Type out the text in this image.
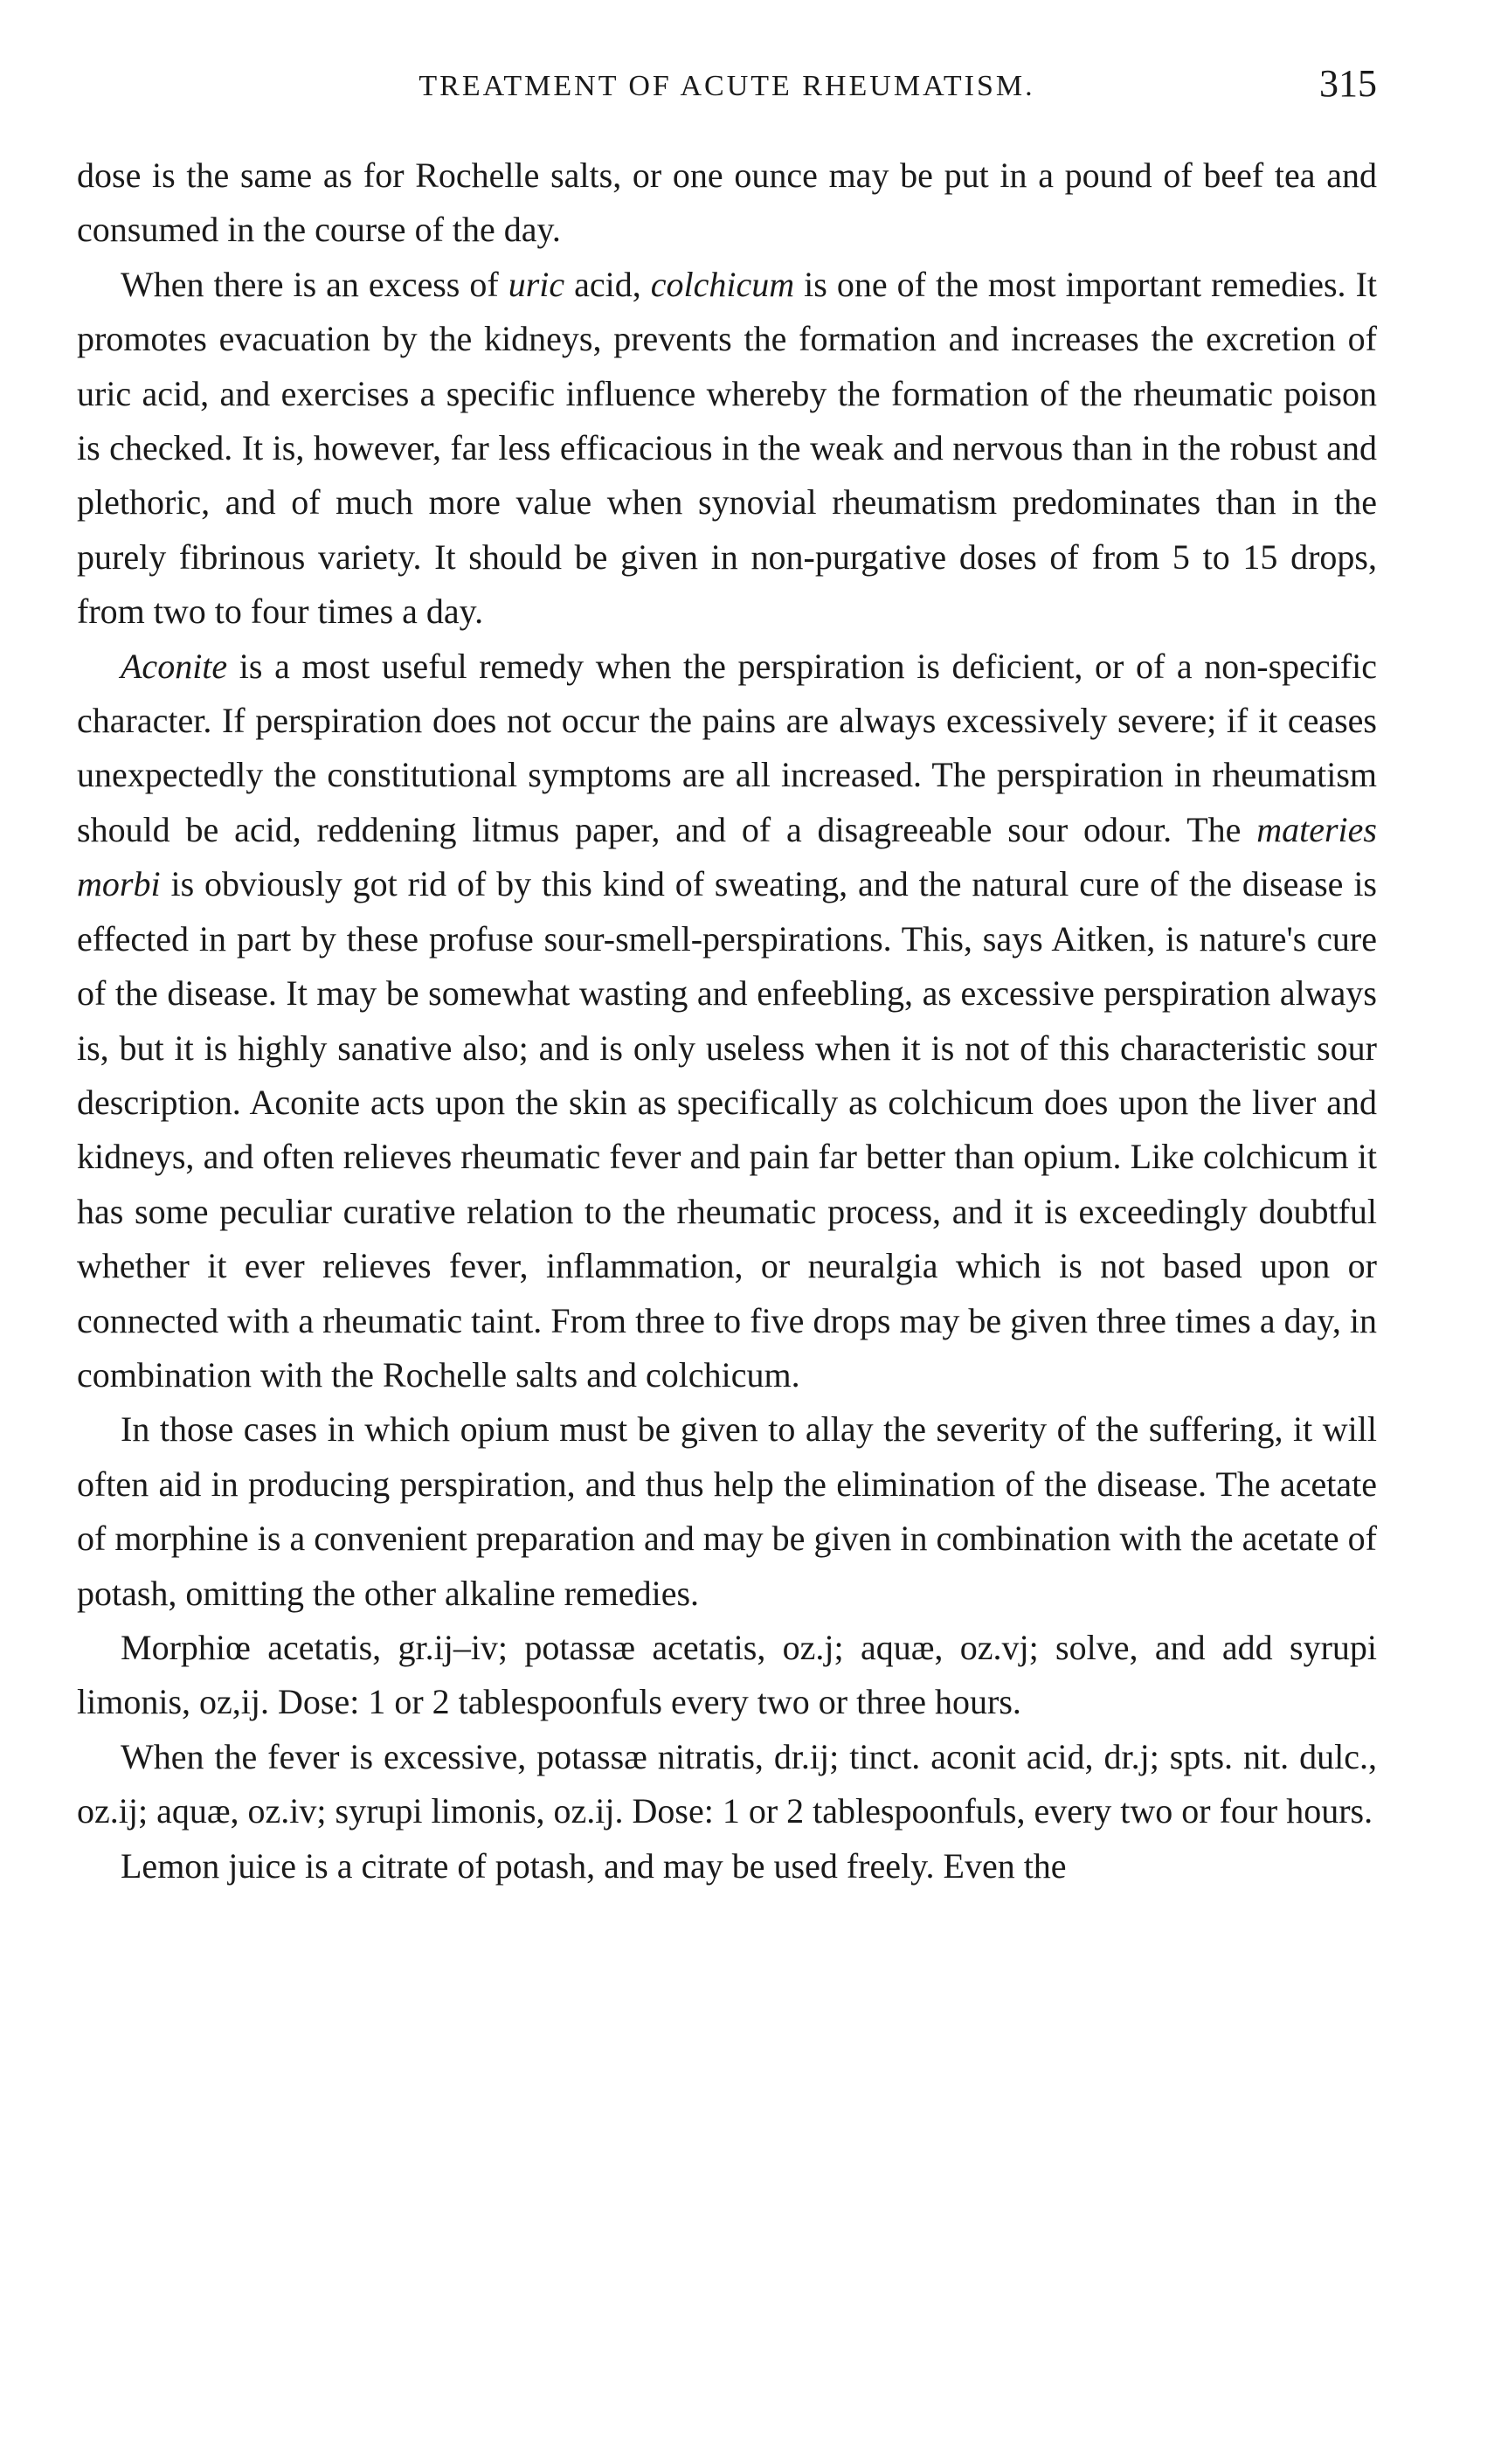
TREATMENT OF ACUTE RHEUMATISM.	315

dose is the same as for Rochelle salts, or one ounce may be put in a pound of beef tea and consumed in the course of the day.

When there is an excess of uric acid, colchicum is one of the most important remedies. It promotes evacuation by the kidneys, prevents the formation and increases the excretion of uric acid, and exercises a specific influence whereby the formation of the rheumatic poison is checked. It is, however, far less efficacious in the weak and nervous than in the robust and plethoric, and of much more value when synovial rheumatism predominates than in the purely fibrinous variety. It should be given in non-purgative doses of from 5 to 15 drops, from two to four times a day.

Aconite is a most useful remedy when the perspiration is deficient, or of a non-specific character. If perspiration does not occur the pains are always excessively severe; if it ceases unexpectedly the constitutional symptoms are all increased. The perspiration in rheumatism should be acid, reddening litmus paper, and of a disagreeable sour odour. The materies morbi is obviously got rid of by this kind of sweating, and the natural cure of the disease is effected in part by these profuse sour-smell-perspirations. This, says Aitken, is nature's cure of the disease. It may be somewhat wasting and enfeebling, as excessive perspiration always is, but it is highly sanative also; and is only useless when it is not of this characteristic sour description. Aconite acts upon the skin as specifically as colchicum does upon the liver and kidneys, and often relieves rheumatic fever and pain far better than opium. Like colchicum it has some peculiar curative relation to the rheumatic process, and it is exceedingly doubtful whether it ever relieves fever, inflammation, or neuralgia which is not based upon or connected with a rheumatic taint. From three to five drops may be given three times a day, in combination with the Rochelle salts and colchicum.

In those cases in which opium must be given to allay the severity of the suffering, it will often aid in producing perspiration, and thus help the elimination of the disease. The acetate of morphine is a convenient preparation and may be given in combination with the acetate of potash, omitting the other alkaline remedies.

Morphiœ acetatis, gr.ij–iv; potassæ acetatis, oz.j; aquæ, oz.vj; solve, and add syrupi limonis, oz,ij. Dose: 1 or 2 tablespoonfuls every two or three hours.

When the fever is excessive, potassæ nitratis, dr.ij; tinct. aconit acid, dr.j; spts. nit. dulc., oz.ij; aquæ, oz.iv; syrupi limonis, oz.ij. Dose: 1 or 2 tablespoonfuls, every two or four hours.

Lemon juice is a citrate of potash, and may be used freely. Even the
